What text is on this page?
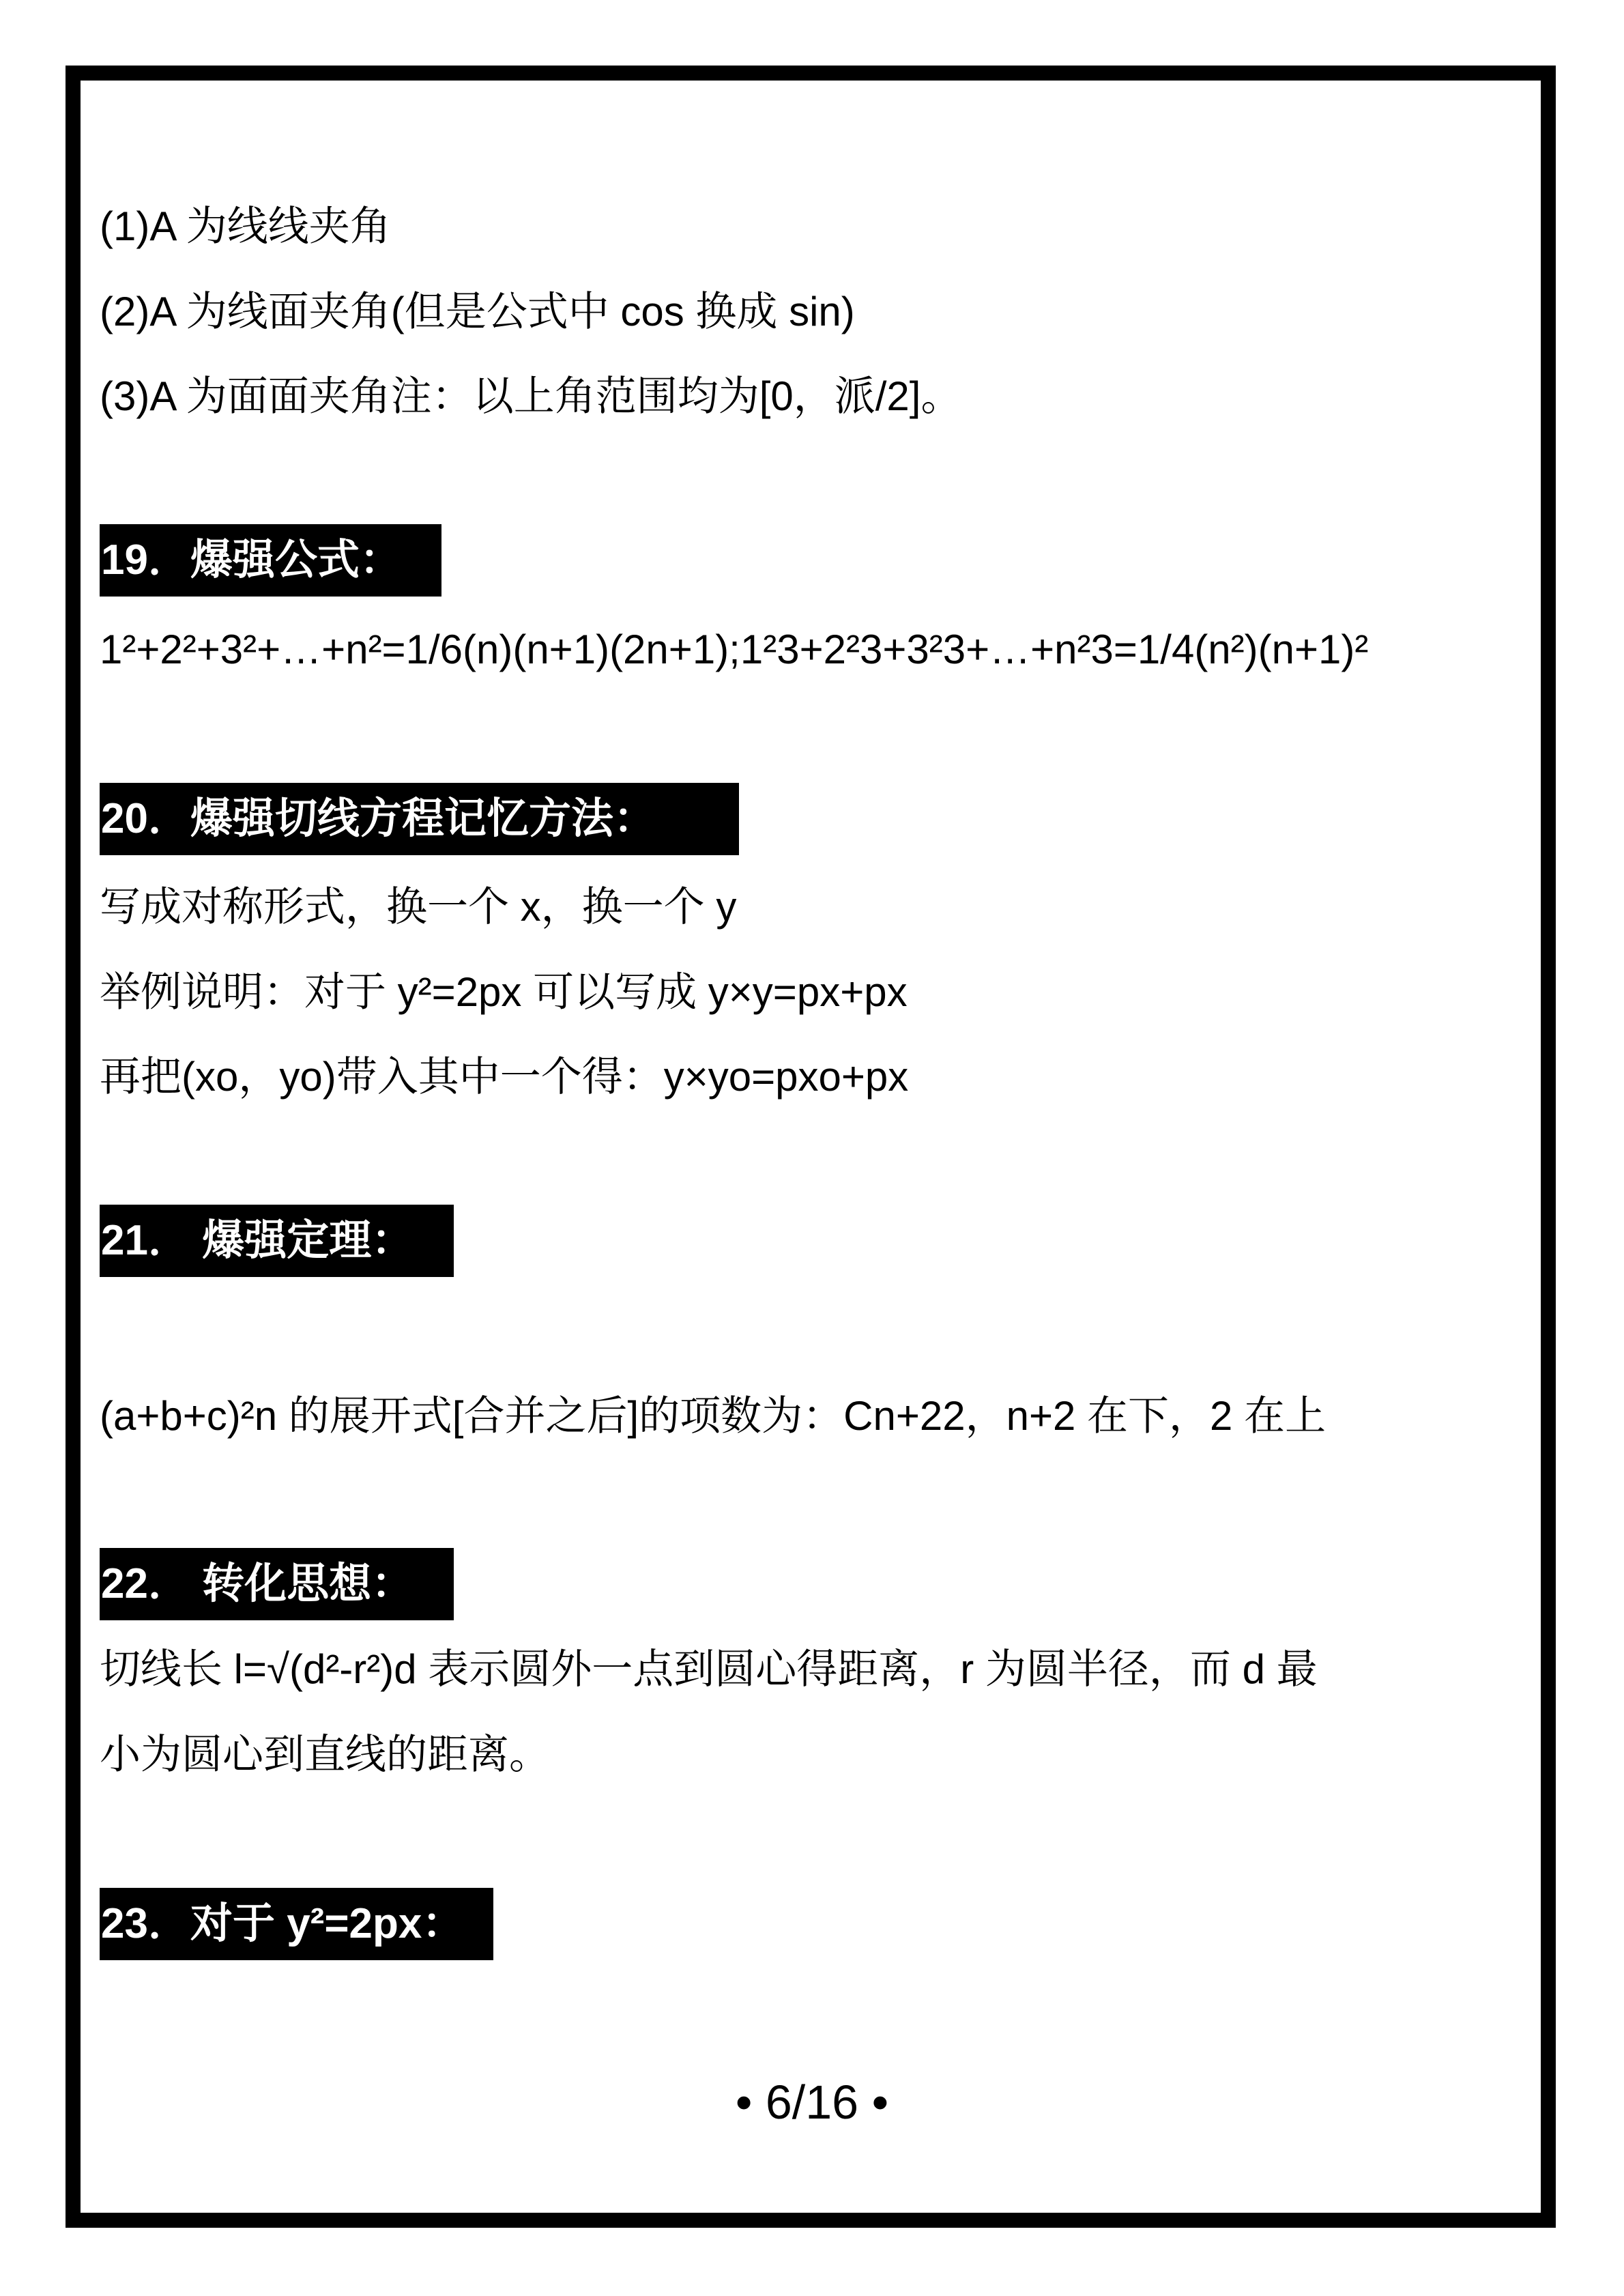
(1)A 为线线夹角
(2)A 为线面夹角(但是公式中 cos 换成 sin)
(3)A 为面面夹角注：以上角范围均为[0，派/2]。
19．爆强公式：
1²+2²+3²+…+n²=1/6(n)(n+1)(2n+1);1²3+2²3+3²3+…+n²3=1/4(n²)(n+1)²
20．爆强切线方程记忆方法：
写成对称形式，换一个 x，换一个 y
举例说明：对于 y²=2px 可以写成 y×y=px+px
再把(xo，yo)带入其中一个得：y×yo=pxo+px
21． 爆强定理：
(a+b+c)²n 的展开式[合并之后]的项数为：Cn+22，n+2 在下，2 在上
22． 转化思想：
切线长 l=√(d²-r²)d 表示圆外一点到圆心得距离，r 为圆半径，而 d 最
小为圆心到直线的距离。
23．对于 y²=2px：
• 6/16 •
